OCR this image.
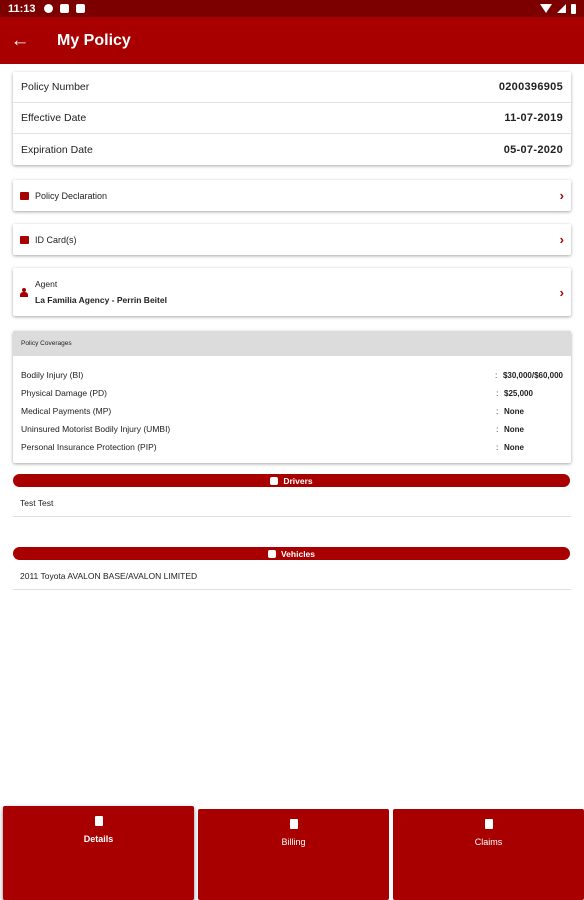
11:13
← My Policy
Policy Number	0200396905
Effective Date	11-07-2019
Expiration Date	05-07-2020
Policy Declaration	›
ID Card(s)	›
Agent
La Familia Agency - Perrin Beitel
›
Policy Coverages
Bodily Injury (BI)	: $30,000/$60,000
Physical Damage (PD)	: $25,000
Medical Payments (MP)	: None
Uninsured Motorist Bodily Injury (UMBI)	: None
Personal Insurance Protection (PIP)	: None
Drivers
Test Test
Vehicles
2011 Toyota AVALON BASE/AVALON LIMITED
Details	Billing	Claims
